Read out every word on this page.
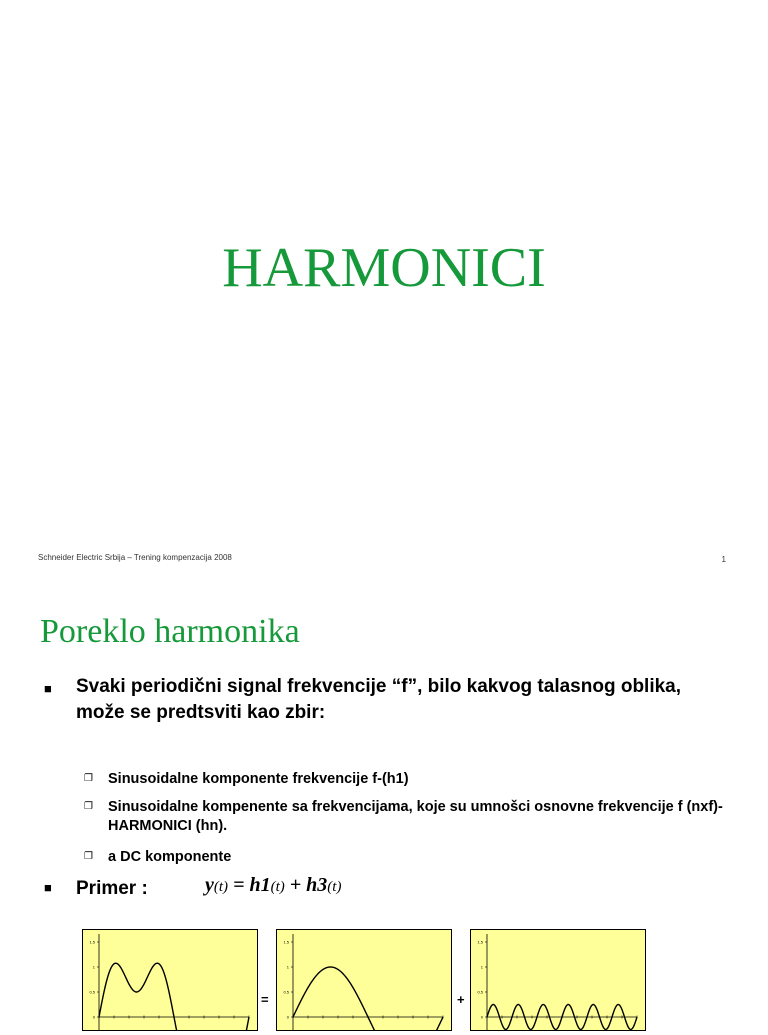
HARMONICI
Schneider Electric Srbija – Trening kompenzacija 2008	1
Poreklo harmonika
■ Svaki periodični signal frekvencije “f”, bilo kakvog talasnog oblika, može se predtsviti kao zbir:
❐ Sinusoidalne komponente frekvencije f-(h1)
❐ Sinusoidalne kompenente sa frekvencijama, koje su umnošci osnovne frekvencije f (nxf)-HARMONICI (hn).
❐ a DC komponente
■ Primer :	y(t) = h1(t) + h3(t)
1.5
1
0.5
0
=
1.5
1
0.5
0
+
1.5
1
0.5
0
